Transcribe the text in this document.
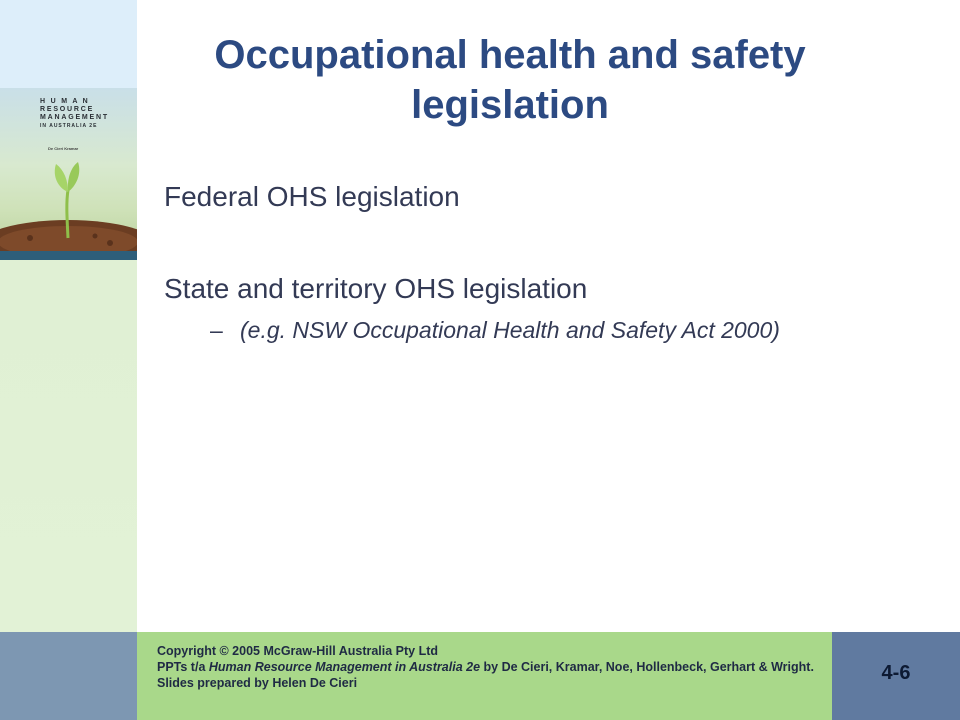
H U M A N
RESOURCE
MANAGEMENT
IN AUSTRALIA 2E
De Cieri Kramar
Occupational health and safety legislation
Federal OHS legislation
State and territory OHS legislation
– (e.g. NSW Occupational Health and Safety Act 2000)
Copyright © 2005 McGraw-Hill Australia Pty Ltd
PPTs t/a Human Resource Management in Australia 2e by De Cieri, Kramar, Noe, Hollenbeck, Gerhart & Wright.
Slides prepared by Helen De Cieri	4-6
